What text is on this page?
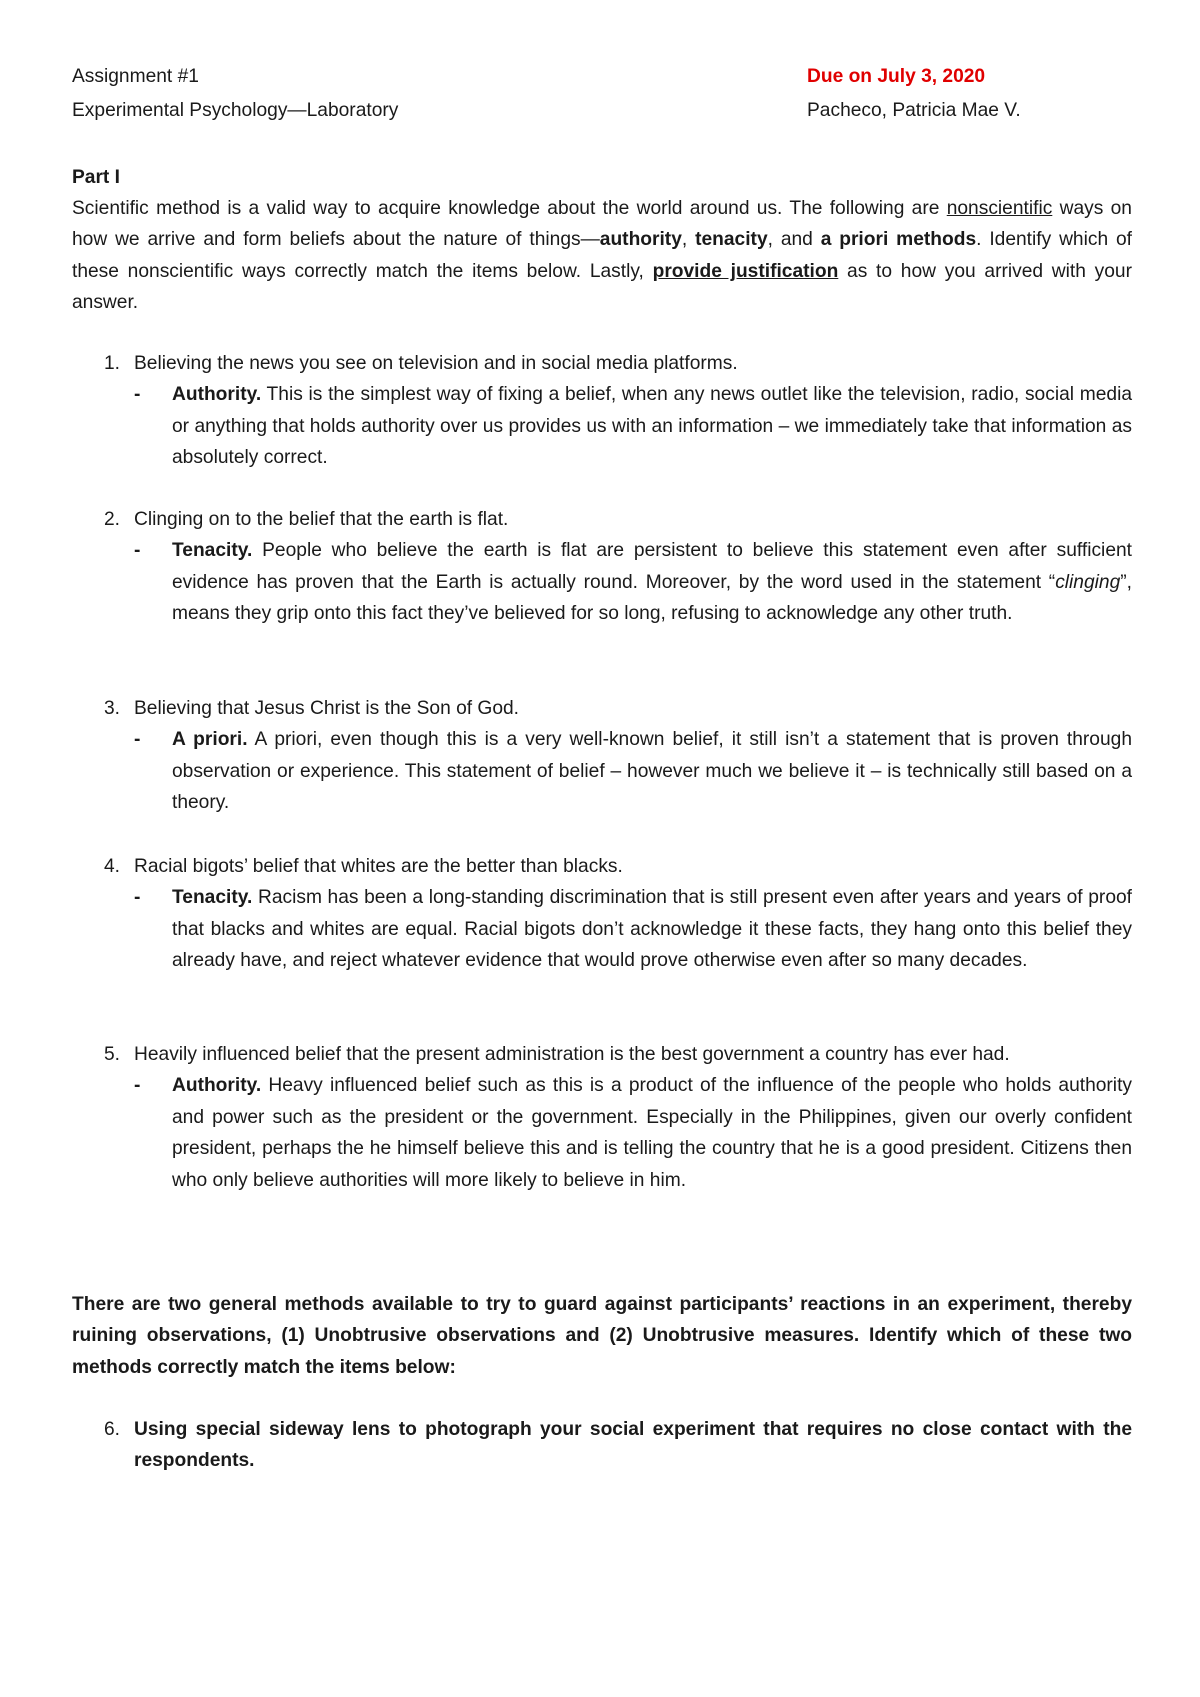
Assignment #1	Due on July 3, 2020
Experimental Psychology—Laboratory	Pacheco, Patricia Mae V.
Part I
Scientific method is a valid way to acquire knowledge about the world around us. The following are nonscientific ways on how we arrive and form beliefs about the nature of things—authority, tenacity, and a priori methods. Identify which of these nonscientific ways correctly match the items below. Lastly, provide justification as to how you arrived with your answer.
1. Believing the news you see on television and in social media platforms.
- Authority. This is the simplest way of fixing a belief, when any news outlet like the television, radio, social media or anything that holds authority over us provides us with an information – we immediately take that information as absolutely correct.
2. Clinging on to the belief that the earth is flat.
- Tenacity. People who believe the earth is flat are persistent to believe this statement even after sufficient evidence has proven that the Earth is actually round. Moreover, by the word used in the statement “clinging”, means they grip onto this fact they’ve believed for so long, refusing to acknowledge any other truth.
3. Believing that Jesus Christ is the Son of God.
- A priori. A priori, even though this is a very well-known belief, it still isn’t a statement that is proven through observation or experience. This statement of belief – however much we believe it – is technically still based on a theory.
4. Racial bigots’ belief that whites are the better than blacks.
- Tenacity. Racism has been a long-standing discrimination that is still present even after years and years of proof that blacks and whites are equal. Racial bigots don’t acknowledge it these facts, they hang onto this belief they already have, and reject whatever evidence that would prove otherwise even after so many decades.
5. Heavily influenced belief that the present administration is the best government a country has ever had.
- Authority. Heavy influenced belief such as this is a product of the influence of the people who holds authority and power such as the president or the government. Especially in the Philippines, given our overly confident president, perhaps the he himself believe this and is telling the country that he is a good president. Citizens then who only believe authorities will more likely to believe in him.
There are two general methods available to try to guard against participants’ reactions in an experiment, thereby ruining observations, (1) Unobtrusive observations and (2) Unobtrusive measures. Identify which of these two methods correctly match the items below:
6. Using special sideway lens to photograph your social experiment that requires no close contact with the respondents.
